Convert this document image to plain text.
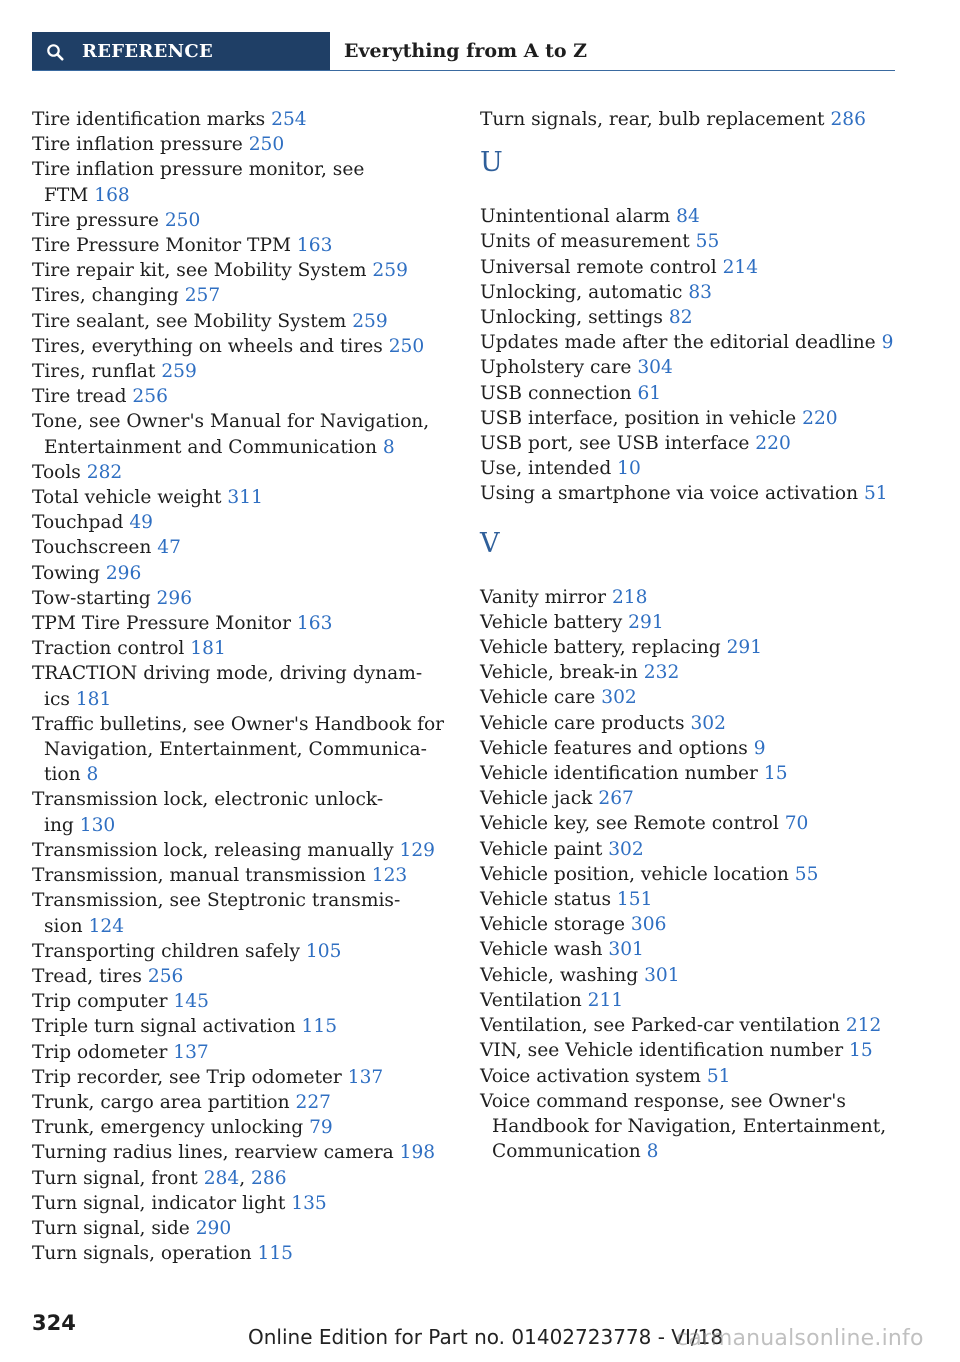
REFERENCE	Everything from A to Z
Tire identification marks 254
Tire inflation pressure 250
Tire inflation pressure monitor, see
FTM 168
Tire pressure 250
Tire Pressure Monitor TPM 163
Tire repair kit, see Mobility System 259
Tires, changing 257
Tire sealant, see Mobility System 259
Tires, everything on wheels and tires 250
Tires, runflat 259
Tire tread 256
Tone, see Owner's Manual for Navigation,
Entertainment and Communication 8
Tools 282
Total vehicle weight 311
Touchpad 49
Touchscreen 47
Towing 296
Tow-starting 296
TPM Tire Pressure Monitor 163
Traction control 181
TRACTION driving mode, driving dynam-
ics 181
Traffic bulletins, see Owner's Handbook for
Navigation, Entertainment, Communica-
tion 8
Transmission lock, electronic unlock-
ing 130
Transmission lock, releasing manually 129
Transmission, manual transmission 123
Transmission, see Steptronic transmis-
sion 124
Transporting children safely 105
Tread, tires 256
Trip computer 145
Triple turn signal activation 115
Trip odometer 137
Trip recorder, see Trip odometer 137
Trunk, cargo area partition 227
Trunk, emergency unlocking 79
Turning radius lines, rearview camera 198
Turn signal, front 284, 286
Turn signal, indicator light 135
Turn signal, side 290
Turn signals, operation 115
Turn signals, rear, bulb replacement 286
U
Unintentional alarm 84
Units of measurement 55
Universal remote control 214
Unlocking, automatic 83
Unlocking, settings 82
Updates made after the editorial deadline 9
Upholstery care 304
USB connection 61
USB interface, position in vehicle 220
USB port, see USB interface 220
Use, intended 10
Using a smartphone via voice activation 51
V
Vanity mirror 218
Vehicle battery 291
Vehicle battery, replacing 291
Vehicle, break-in 232
Vehicle care 302
Vehicle care products 302
Vehicle features and options 9
Vehicle identification number 15
Vehicle jack 267
Vehicle key, see Remote control 70
Vehicle paint 302
Vehicle position, vehicle location 55
Vehicle status 151
Vehicle storage 306
Vehicle wash 301
Vehicle, washing 301
Ventilation 211
Ventilation, see Parked-car ventilation 212
VIN, see Vehicle identification number 15
Voice activation system 51
Voice command response, see Owner's
Handbook for Navigation, Entertainment,
Communication 8
324
Online Edition for Part no. 01402723778 - VI/18
carmanualsonline.info
